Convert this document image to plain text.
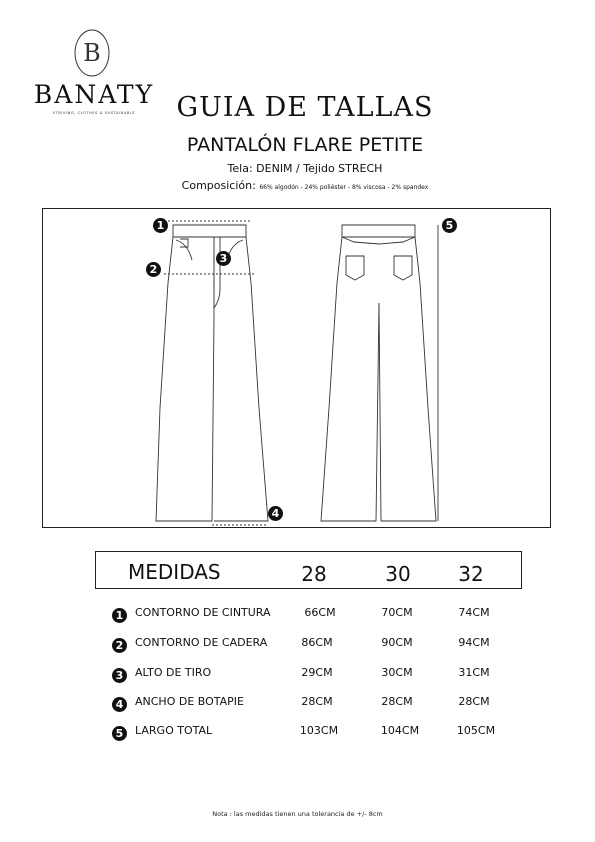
B
BANATY
STRIVING, CLOTHES & SUSTAINABLE	GUIA DE TALLAS
PANTALÓN FLARE PETITE
Tela: DENIM / Tejido STRECH
Composición: 66% algodón - 24% poliéster - 8% viscosa - 2% spandex
1
2
3
4
5
MEDIDAS	28	30	32
1 CONTORNO DE CINTURA	66CM	70CM	74CM
2 CONTORNO DE CADERA	86CM	90CM	94CM
3 ALTO DE TIRO	29CM	30CM	31CM
4 ANCHO DE BOTAPIE	28CM	28CM	28CM
5 LARGO TOTAL	103CM	104CM	105CM
Nota : las medidas tienen una tolerancia de +/- 8cm
